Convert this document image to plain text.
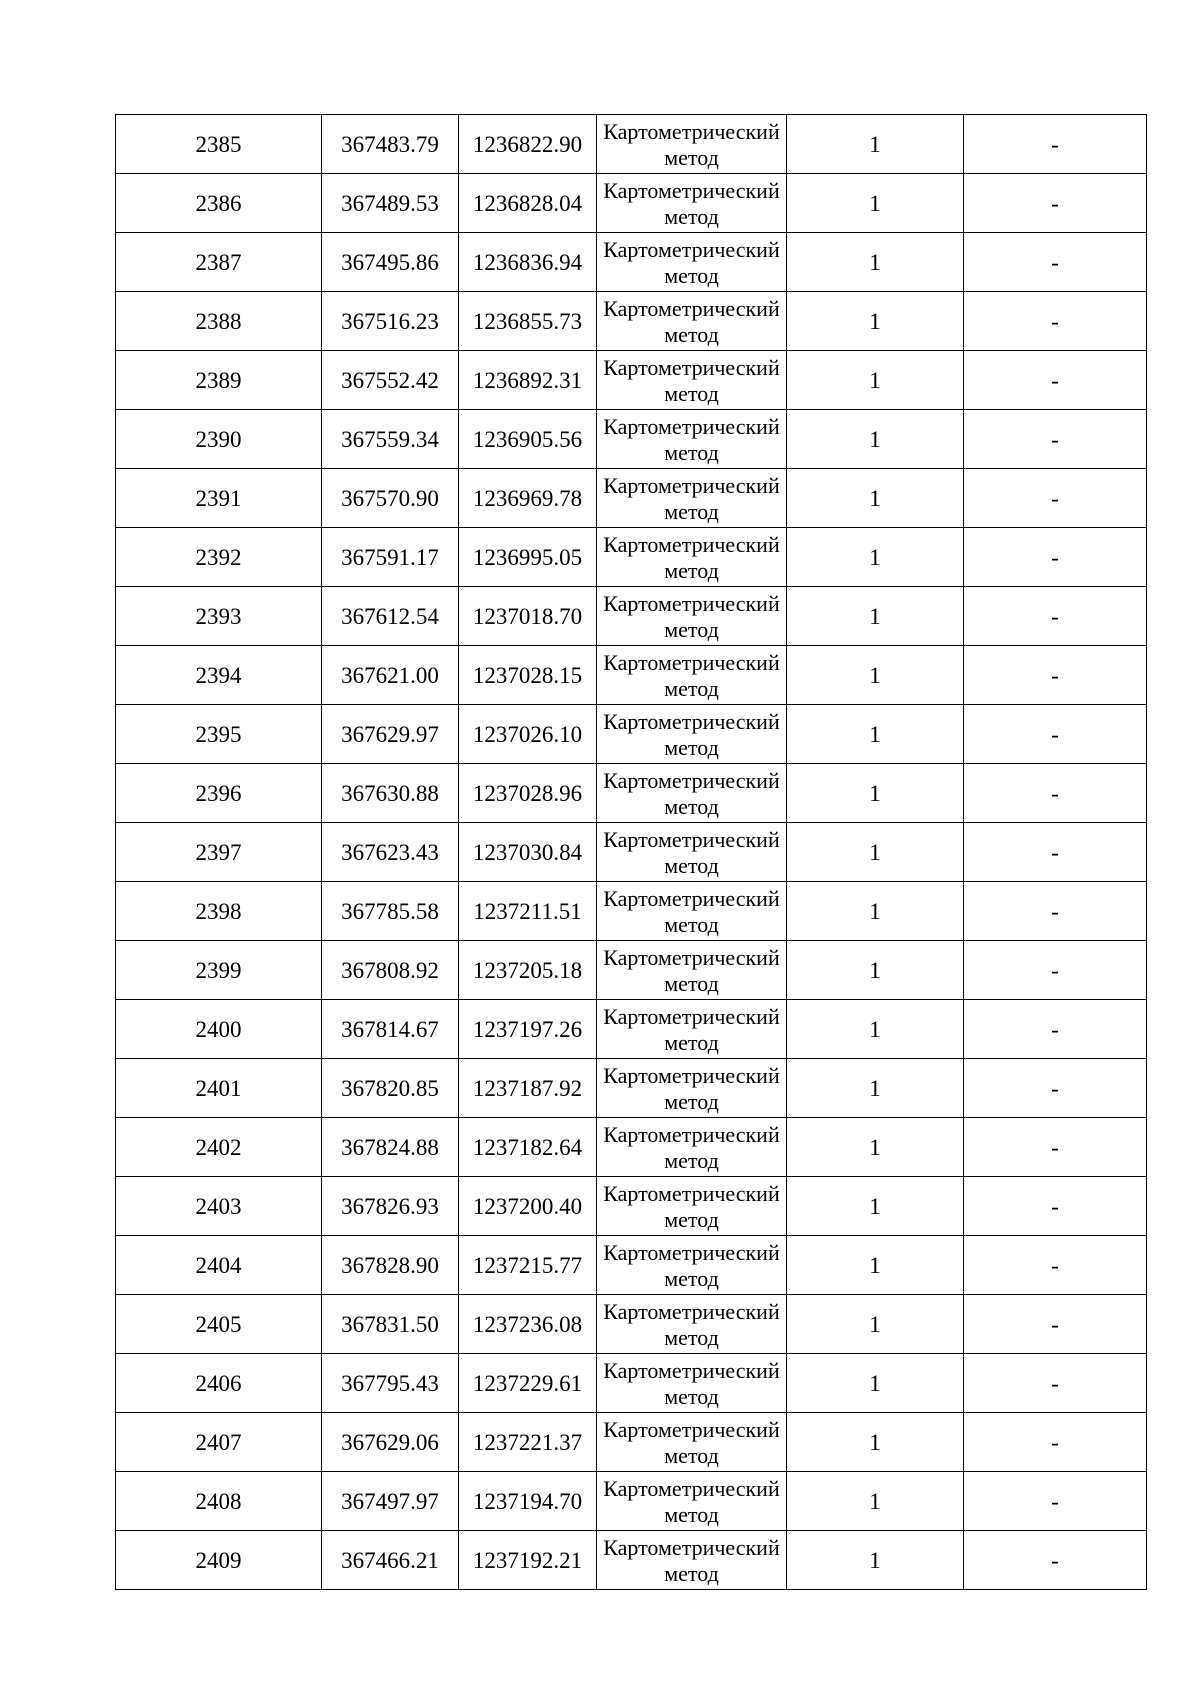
2385	367483.79	1236822.90	Картометрический метод	1	-
2386	367489.53	1236828.04	Картометрический метод	1	-
2387	367495.86	1236836.94	Картометрический метод	1	-
2388	367516.23	1236855.73	Картометрический метод	1	-
2389	367552.42	1236892.31	Картометрический метод	1	-
2390	367559.34	1236905.56	Картометрический метод	1	-
2391	367570.90	1236969.78	Картометрический метод	1	-
2392	367591.17	1236995.05	Картометрический метод	1	-
2393	367612.54	1237018.70	Картометрический метод	1	-
2394	367621.00	1237028.15	Картометрический метод	1	-
2395	367629.97	1237026.10	Картометрический метод	1	-
2396	367630.88	1237028.96	Картометрический метод	1	-
2397	367623.43	1237030.84	Картометрический метод	1	-
2398	367785.58	1237211.51	Картометрический метод	1	-
2399	367808.92	1237205.18	Картометрический метод	1	-
2400	367814.67	1237197.26	Картометрический метод	1	-
2401	367820.85	1237187.92	Картометрический метод	1	-
2402	367824.88	1237182.64	Картометрический метод	1	-
2403	367826.93	1237200.40	Картометрический метод	1	-
2404	367828.90	1237215.77	Картометрический метод	1	-
2405	367831.50	1237236.08	Картометрический метод	1	-
2406	367795.43	1237229.61	Картометрический метод	1	-
2407	367629.06	1237221.37	Картометрический метод	1	-
2408	367497.97	1237194.70	Картометрический метод	1	-
2409	367466.21	1237192.21	Картометрический метод	1	-
